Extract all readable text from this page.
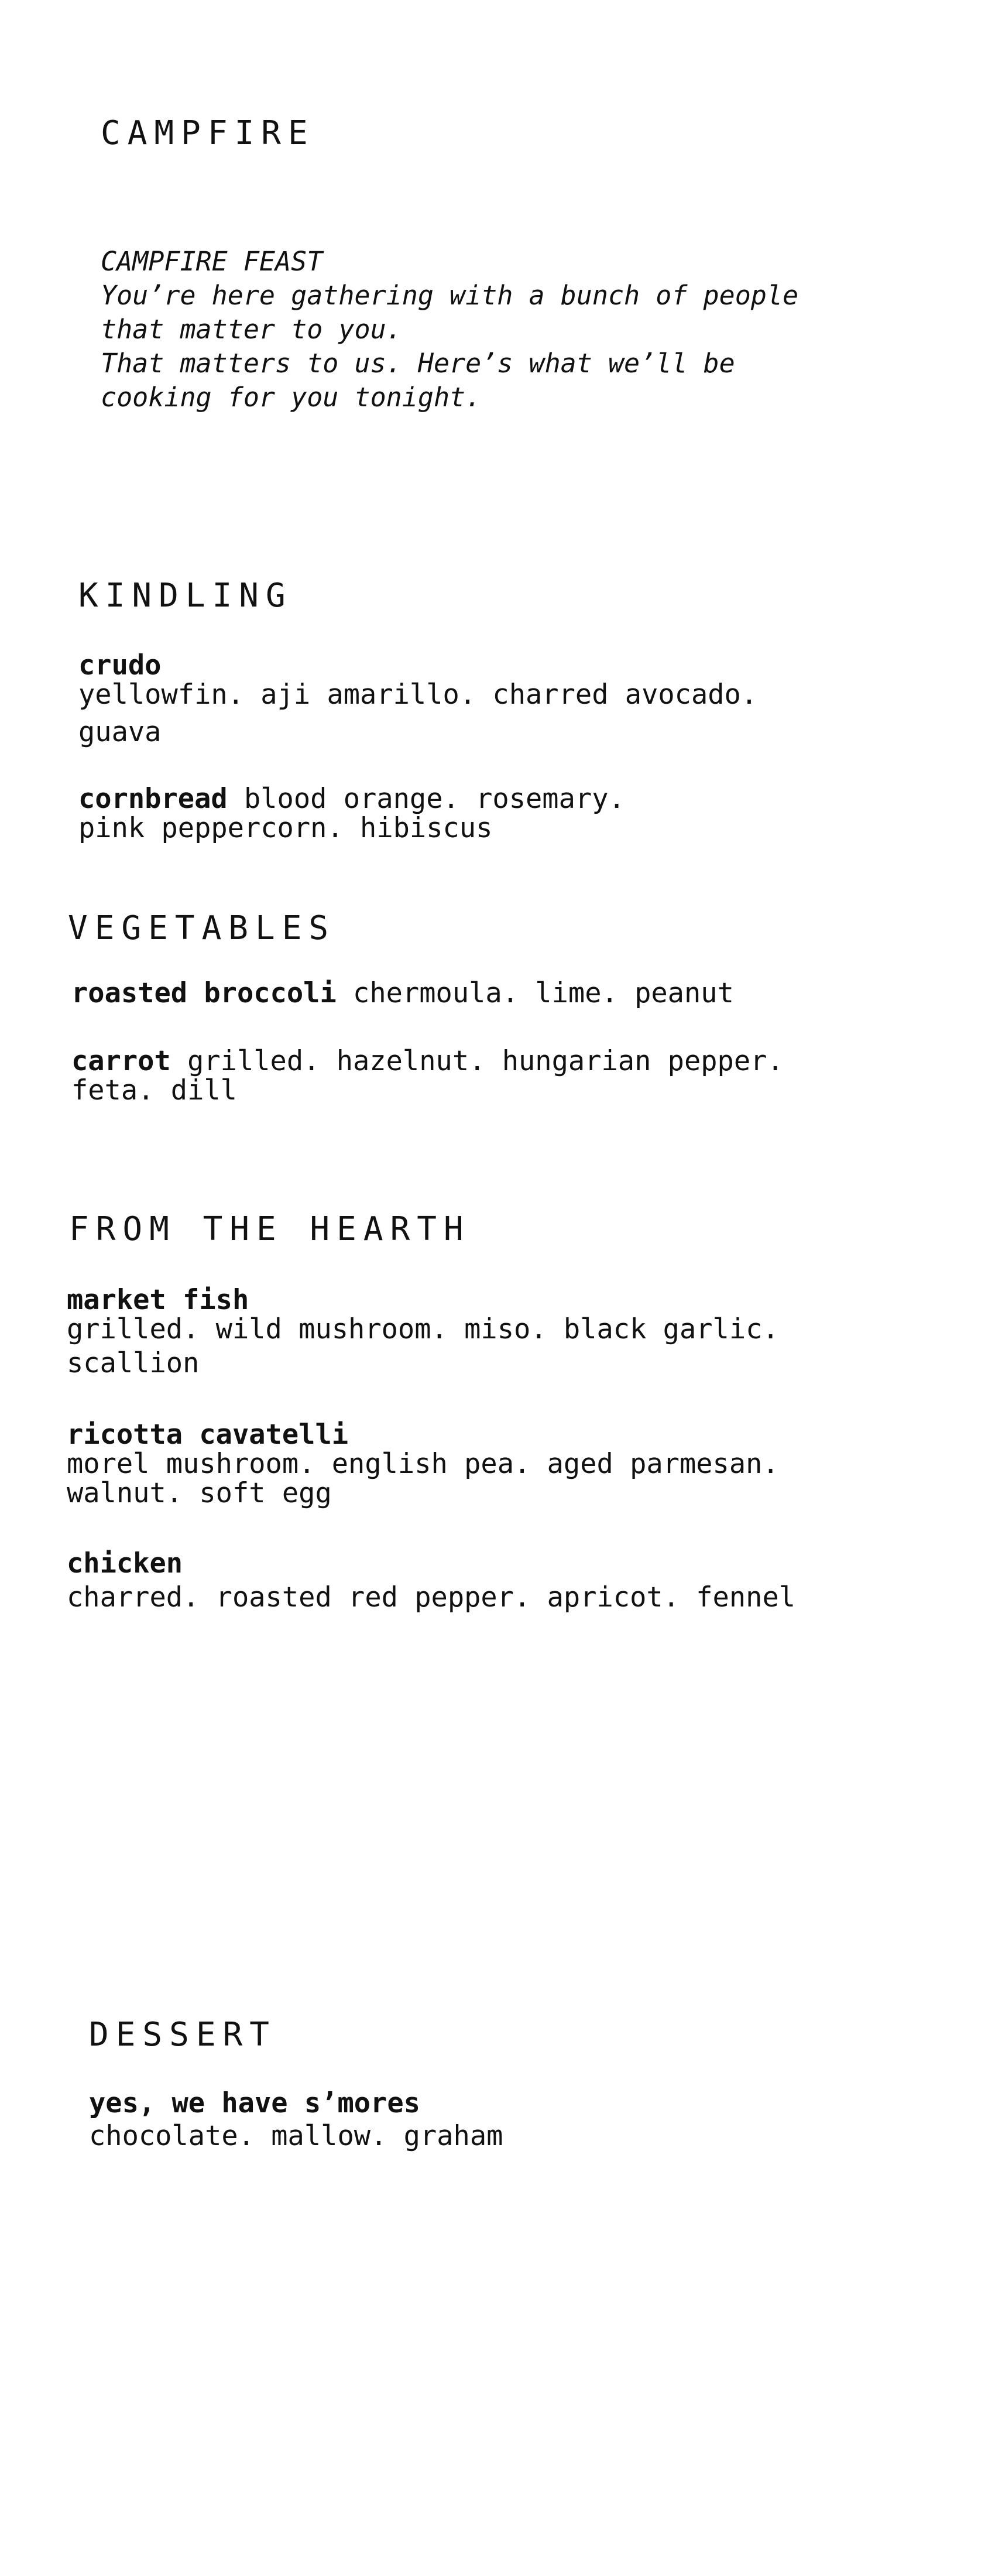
CAMPFIRE
CAMPFIRE FEAST
You’re here gathering with a bunch of people
that matter to you.
That matters to us. Here’s what we’ll be
cooking for you tonight.
KINDLING
crudo
yellowfin. aji amarillo. charred avocado.
guava
cornbread blood orange. rosemary.
pink peppercorn. hibiscus
VEGETABLES
roasted broccoli chermoula. lime. peanut
carrot grilled. hazelnut. hungarian pepper.
feta. dill
FROM THE HEARTH
market fish
grilled. wild mushroom. miso. black garlic.
scallion
ricotta cavatelli
morel mushroom. english pea. aged parmesan.
walnut. soft egg
chicken
charred. roasted red pepper. apricot. fennel
DESSERT
yes, we have s’mores
chocolate. mallow. graham
